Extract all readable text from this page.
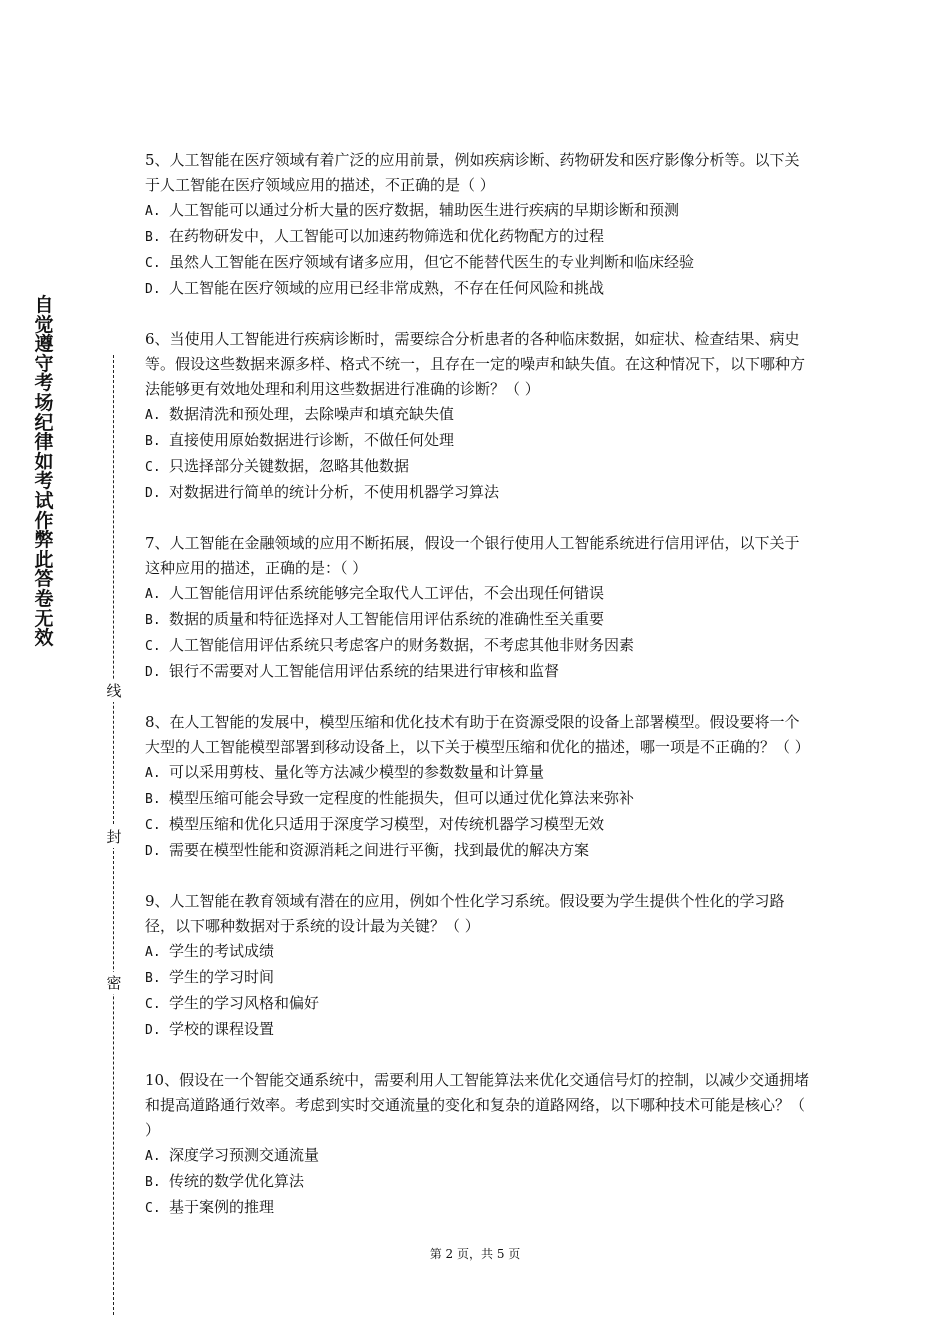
自觉遵守考场纪律如考试作弊此答卷无效
线
封
密

5、人工智能在医疗领域有着广泛的应用前景，例如疾病诊断、药物研发和医疗影像分析等。以下关于人工智能在医疗领域应用的描述，不正确的是（ ）

A. 人工智能可以通过分析大量的医疗数据，辅助医生进行疾病的早期诊断和预测

B. 在药物研发中，人工智能可以加速药物筛选和优化药物配方的过程

C. 虽然人工智能在医疗领域有诸多应用，但它不能替代医生的专业判断和临床经验

D. 人工智能在医疗领域的应用已经非常成熟，不存在任何风险和挑战

6、当使用人工智能进行疾病诊断时，需要综合分析患者的各种临床数据，如症状、检查结果、病史等。假设这些数据来源多样、格式不统一，且存在一定的噪声和缺失值。在这种情况下，以下哪种方法能够更有效地处理和利用这些数据进行准确的诊断？（ ）

A. 数据清洗和预处理，去除噪声和填充缺失值

B. 直接使用原始数据进行诊断，不做任何处理

C. 只选择部分关键数据，忽略其他数据

D. 对数据进行简单的统计分析，不使用机器学习算法

7、人工智能在金融领域的应用不断拓展，假设一个银行使用人工智能系统进行信用评估，以下关于这种应用的描述，正确的是：（ ）

A. 人工智能信用评估系统能够完全取代人工评估，不会出现任何错误

B. 数据的质量和特征选择对人工智能信用评估系统的准确性至关重要

C. 人工智能信用评估系统只考虑客户的财务数据，不考虑其他非财务因素

D. 银行不需要对人工智能信用评估系统的结果进行审核和监督

8、在人工智能的发展中，模型压缩和优化技术有助于在资源受限的设备上部署模型。假设要将一个大型的人工智能模型部署到移动设备上，以下关于模型压缩和优化的描述，哪一项是不正确的？（ ）

A. 可以采用剪枝、量化等方法减少模型的参数数量和计算量

B. 模型压缩可能会导致一定程度的性能损失，但可以通过优化算法来弥补

C. 模型压缩和优化只适用于深度学习模型，对传统机器学习模型无效

D. 需要在模型性能和资源消耗之间进行平衡，找到最优的解决方案

9、人工智能在教育领域有潜在的应用，例如个性化学习系统。假设要为学生提供个性化的学习路径，以下哪种数据对于系统的设计最为关键？（ ）

A. 学生的考试成绩

B. 学生的学习时间

C. 学生的学习风格和偏好

D. 学校的课程设置

10、假设在一个智能交通系统中，需要利用人工智能算法来优化交通信号灯的控制，以减少交通拥堵和提高道路通行效率。考虑到实时交通流量的变化和复杂的道路网络，以下哪种技术可能是核心？（ ）

A. 深度学习预测交通流量

B. 传统的数学优化算法

C. 基于案例的推理

第 2 页，共 5 页
